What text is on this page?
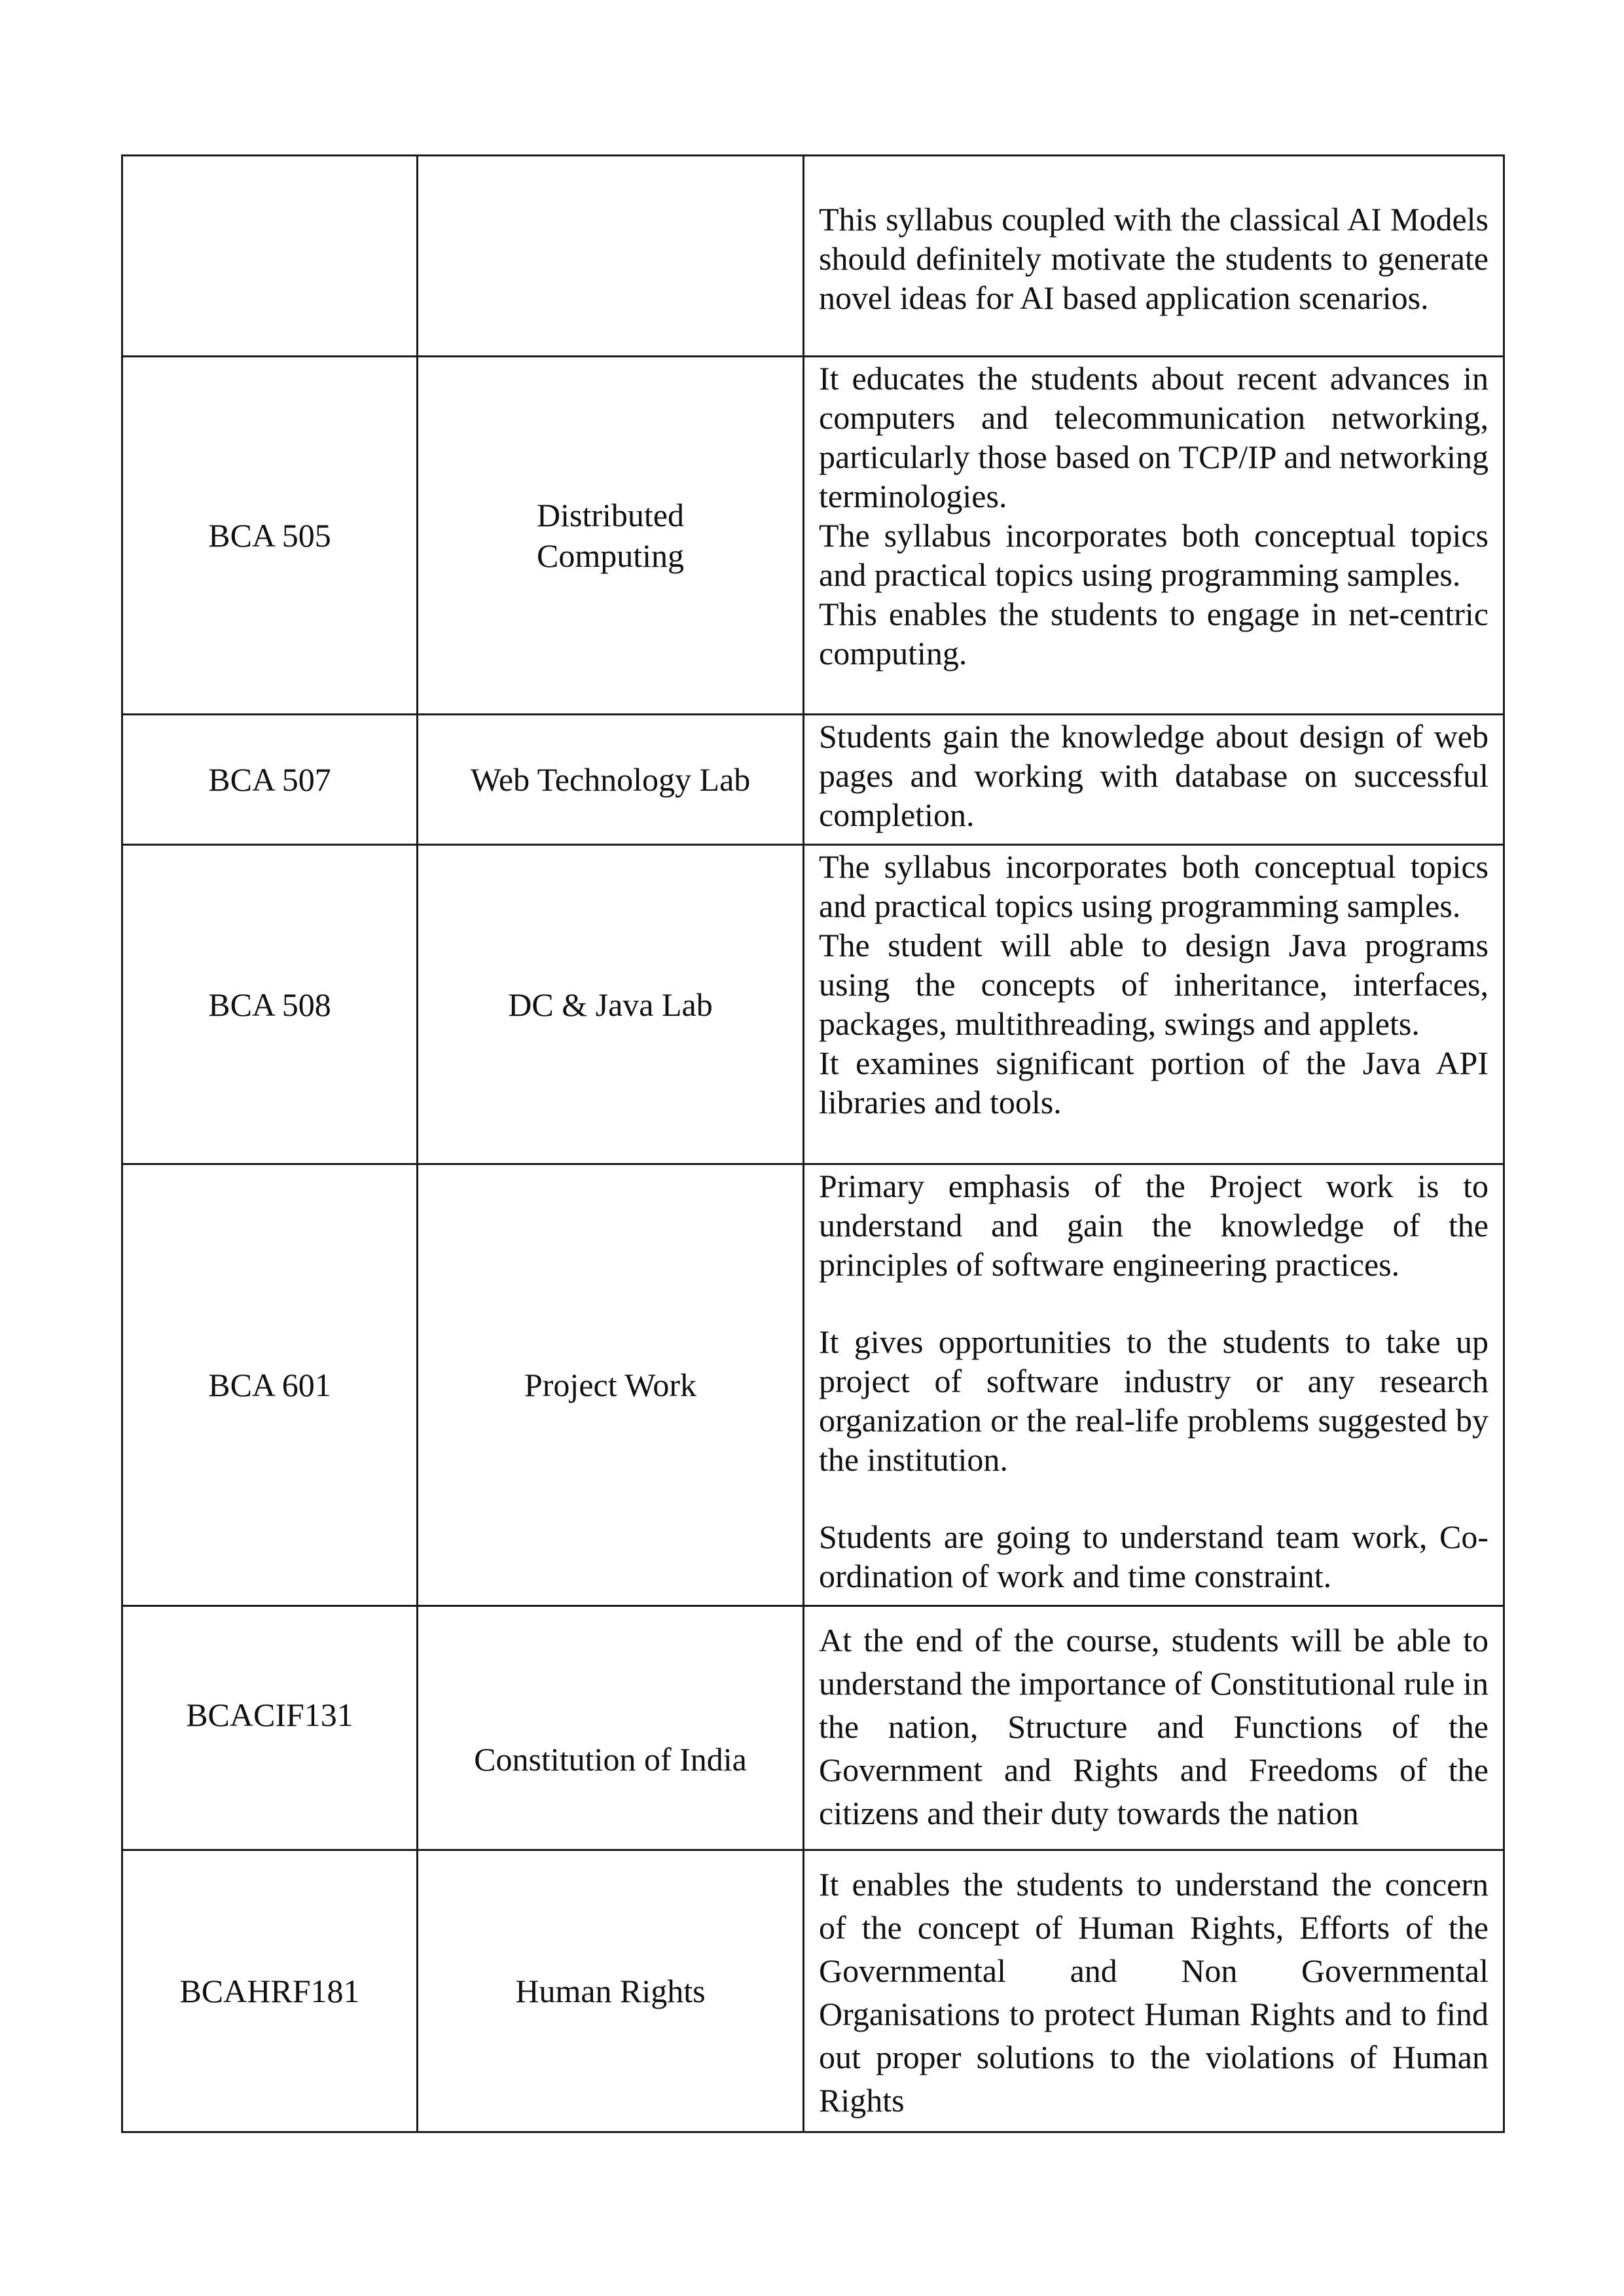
		This syllabus coupled with the classical AI Models should definitely motivate the students to generate novel ideas for AI based application scenarios.

BCA 505	Distributed Computing	It educates the students about recent advances in computers and telecommunication networking, particularly those based on TCP/IP and networking terminologies.

The syllabus incorporates both conceptual topics and practical topics using programming samples.

This enables the students to engage in net-centric computing.

BCA 507	Web Technology Lab	Students gain the knowledge about design of web pages and working with database on successful completion.

BCA 508	DC & Java Lab	The syllabus incorporates both conceptual topics and practical topics using programming samples.

The student will able to design Java programs using the concepts of inheritance, interfaces, packages, multithreading, swings and applets.

It examines significant portion of the Java API libraries and tools.

BCA 601	Project Work	Primary emphasis of the Project work is to understand and gain the knowledge of the principles of software engineering practices.

It gives opportunities to the students to take up project of software industry or any research organization or the real-life problems suggested by the institution.

Students are going to understand team work, Co-ordination of work and time constraint.

BCACIF131	Constitution of India	At the end of the course, students will be able to understand the importance of Constitutional rule in the nation, Structure and Functions of the Government and Rights and Freedoms of the citizens and their duty towards the nation

BCAHRF181	Human Rights	It enables the students to understand the concern of the concept of Human Rights, Efforts of the Governmental and Non Governmental Organisations to protect Human Rights and to find out proper solutions to the violations of Human Rights
